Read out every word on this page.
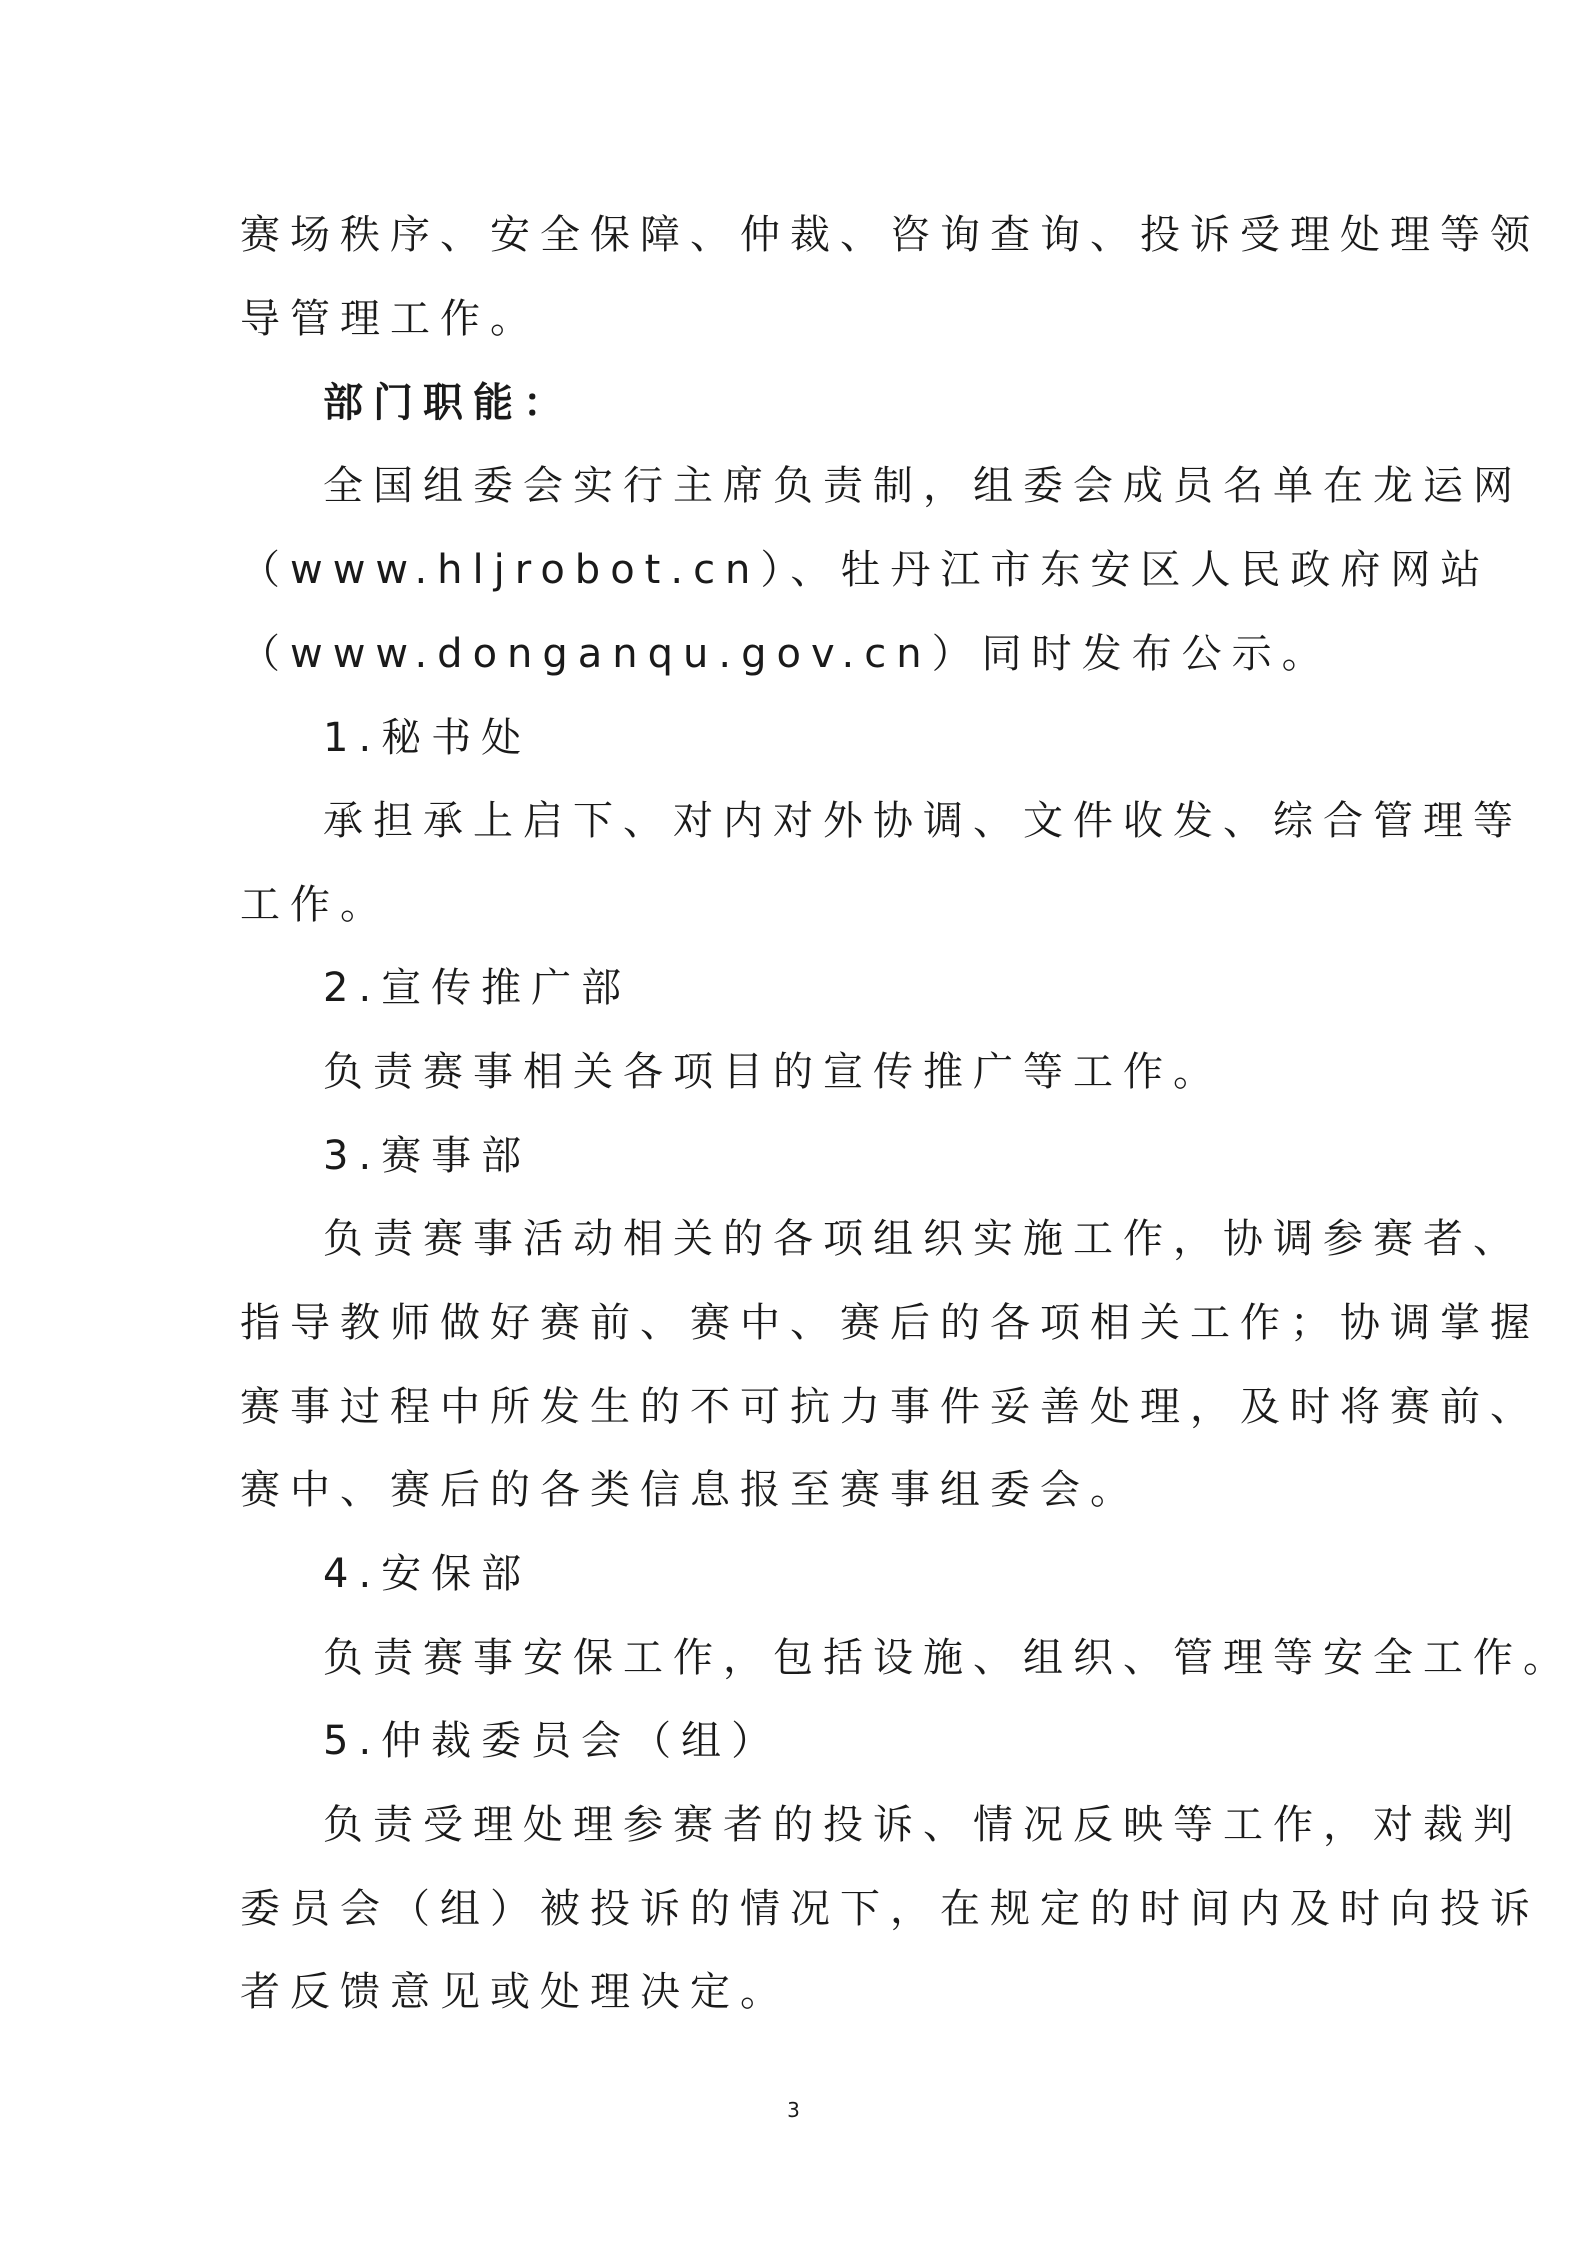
赛场秩序、安全保障、仲裁、咨询查询、投诉受理处理等领
导管理工作。
部门职能：
全国组委会实行主席负责制，组委会成员名单在龙运网
（www.hljrobot.cn）、牡丹江市东安区人民政府网站
（www.donganqu.gov.cn）同时发布公示。
1.秘书处
承担承上启下、对内对外协调、文件收发、综合管理等
工作。
2.宣传推广部
负责赛事相关各项目的宣传推广等工作。
3.赛事部
负责赛事活动相关的各项组织实施工作，协调参赛者、
指导教师做好赛前、赛中、赛后的各项相关工作；协调掌握
赛事过程中所发生的不可抗力事件妥善处理，及时将赛前、
赛中、赛后的各类信息报至赛事组委会。
4.安保部
负责赛事安保工作，包括设施、组织、管理等安全工作。
5.仲裁委员会（组）
负责受理处理参赛者的投诉、情况反映等工作，对裁判
委员会（组）被投诉的情况下，在规定的时间内及时向投诉
者反馈意见或处理决定。
3
